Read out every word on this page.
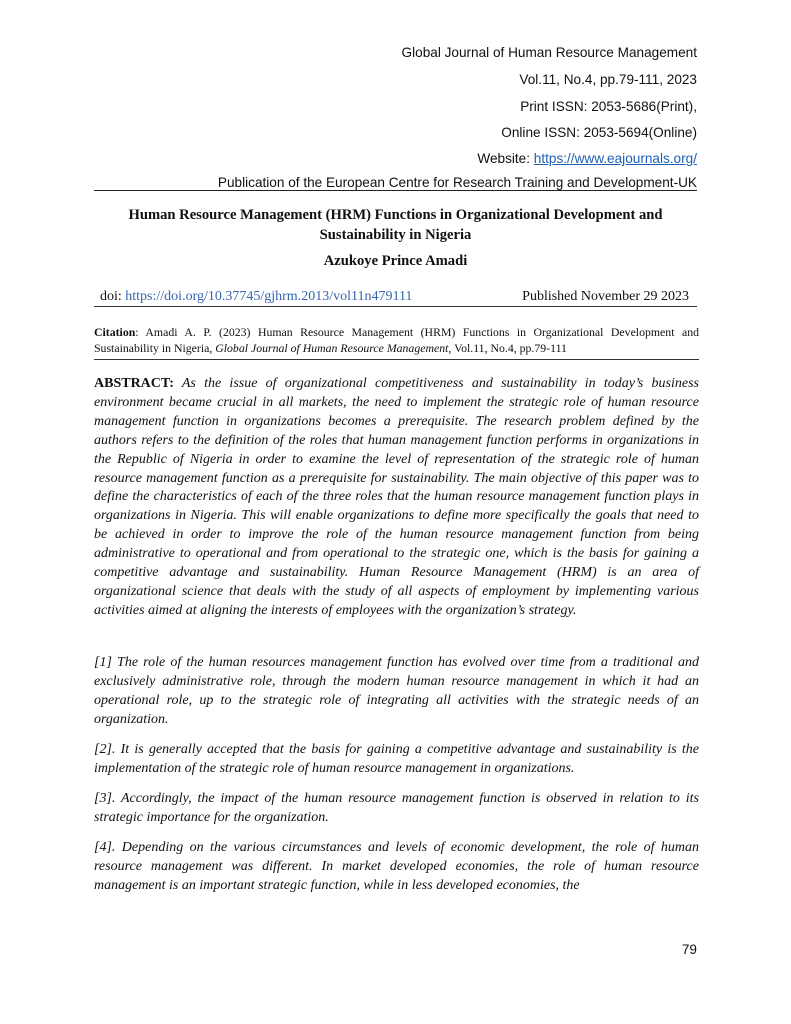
Global Journal of Human Resource Management
Vol.11, No.4, pp.79-111, 2023
Print ISSN: 2053-5686(Print),
Online ISSN: 2053-5694(Online)
Website: https://www.eajournals.org/
Publication of the European Centre for Research Training and Development-UK
Human Resource Management (HRM) Functions in Organizational Development and Sustainability in Nigeria
Azukoye Prince Amadi
doi: https://doi.org/10.37745/gjhrm.2013/vol11n479111	Published November 29 2023
Citation: Amadi A. P. (2023) Human Resource Management (HRM) Functions in Organizational Development and Sustainability in Nigeria, Global Journal of Human Resource Management, Vol.11, No.4, pp.79-111

ABSTRACT: As the issue of organizational competitiveness and sustainability in today’s business environment became crucial in all markets, the need to implement the strategic role of human resource management function in organizations becomes a prerequisite. The research problem defined by the authors refers to the definition of the roles that human management function performs in organizations in the Republic of Nigeria in order to examine the level of representation of the strategic role of human resource management function as a prerequisite for sustainability. The main objective of this paper was to define the characteristics of each of the three roles that the human resource management function plays in organizations in Nigeria. This will enable organizations to define more specifically the goals that need to be achieved in order to improve the role of the human resource management function from being administrative to operational and from operational to the strategic one, which is the basis for gaining a competitive advantage and sustainability. Human Resource Management (HRM) is an area of organizational science that deals with the study of all aspects of employment by implementing various activities aimed at aligning the interests of employees with the organization’s strategy.

[1] The role of the human resources management function has evolved over time from a traditional and exclusively administrative role, through the modern human resource management in which it had an operational role, up to the strategic role of integrating all activities with the strategic needs of an organization.

[2]. It is generally accepted that the basis for gaining a competitive advantage and sustainability is the implementation of the strategic role of human resource management in organizations.

[3]. Accordingly, the impact of the human resource management function is observed in relation to its strategic importance for the organization.

[4]. Depending on the various circumstances and levels of economic development, the role of human resource management was different. In market developed economies, the role of human resource management is an important strategic function, while in less developed economies, the

79
